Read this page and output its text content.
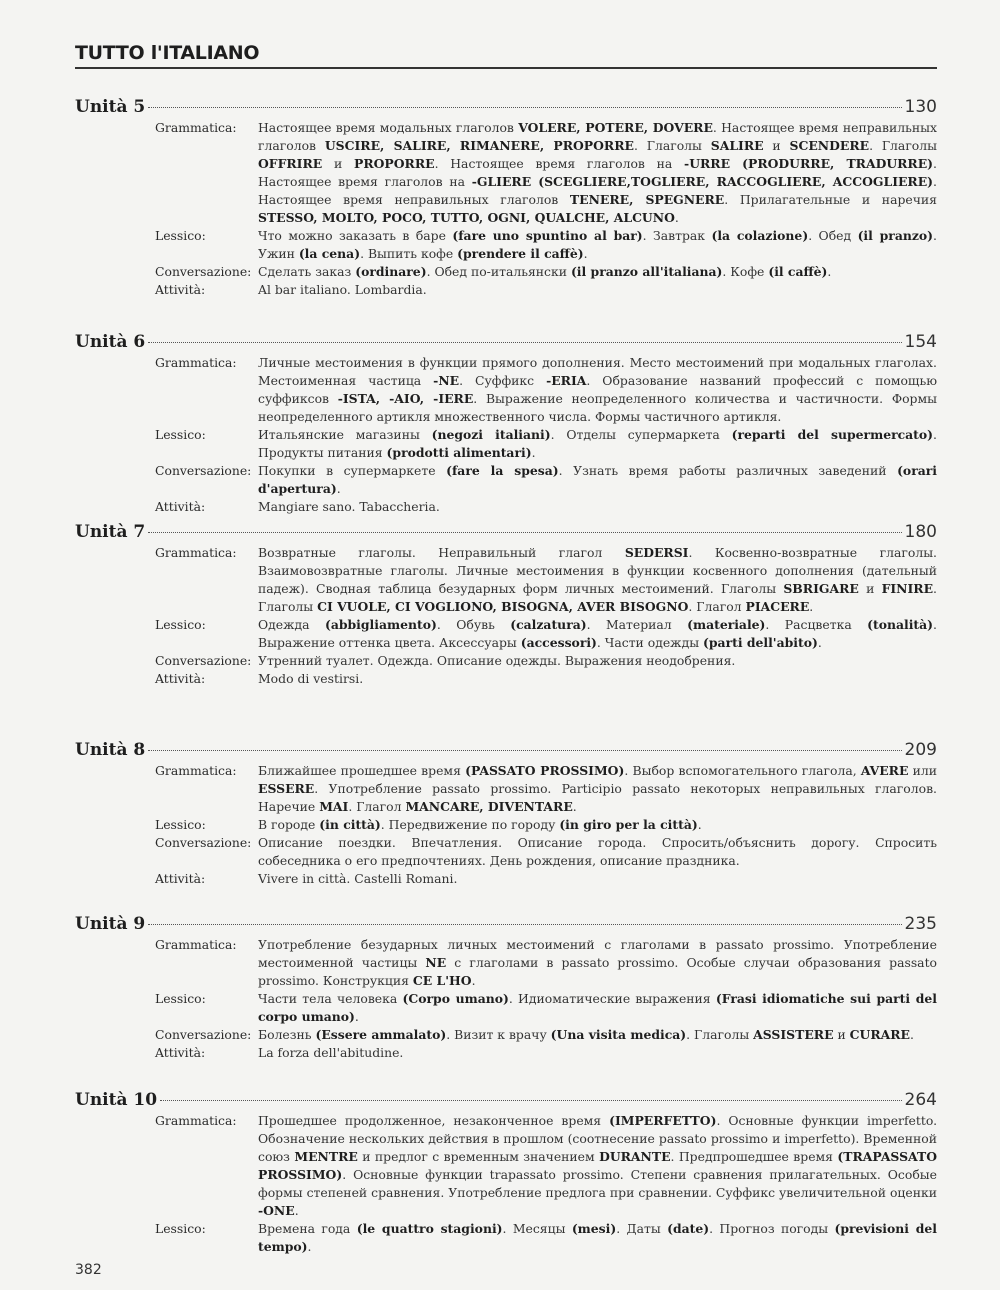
TUTTO l'ITALIANO
Unità 5	130
Grammatica:	Настоящее время модальных глаголов VOLERE, POTERE, DOVERE. Настоящее время неправильных глаголов USCIRE, SALIRE, RIMANERE, PROPORRE. Глаголы SALIRE и SCENDERE. Глаголы OFFRIRE и PROPORRE. Настоящее время глаголов на -URRE (PRODURRE, TRADURRE). Настоящее время глаголов на -GLIERE (SCEGLIERE,TOGLIERE, RACCOGLIERE, ACCOGLIERE). Настоящее время неправильных глаголов TENERE, SPEGNERE. Прилагательные и наречия STESSO, MOLTO, POCO, TUTTO, OGNI, QUALCHE, ALCUNO.
Lessico:	Что можно заказать в баре (fare uno spuntino al bar). Завтрак (la colazione). Обед (il pranzo). Ужин (la cena). Выпить кофе (prendere il caffè).
Conversazione: Сделать заказ (ordinare). Обед по-итальянски (il pranzo all'italiana). Кофе (il caffè).
Attività:	Al bar italiano. Lombardia.
Unità 6	154
Grammatica:	Личные местоимения в функции прямого дополнения. Место местоимений при модальных глаголах. Местоименная частица -NE. Суффикс -ERIA. Образование названий профессий с помощью суффиксов -ISTA, -AIO, -IERE. Выражение неопределенного количества и частичности. Формы неопределенного артикля множественного числа. Формы частичного артикля.
Lessico:	Итальянские магазины (negozi italiani). Отделы супермаркета (reparti del supermercato). Продукты питания (prodotti alimentari).
Conversazione: Покупки в супермаркете (fare la spesa). Узнать время работы различных заведений (orari d'apertura).
Attività:	Mangiare sano. Tabaccheria.
Unità 7	180
Grammatica:	Возвратные глаголы. Неправильный глагол SEDERSI. Косвенно-возвратные глаголы. Взаимовозвратные глаголы. Личные местоимения в функции косвенного дополнения (дательный падеж). Сводная таблица безударных форм личных местоимений. Глаголы SBRIGARE и FINIRE. Глаголы CI VUOLE, CI VOGLIONO, BISOGNA, AVER BISOGNO. Глагол PIACERE.
Lessico:	Одежда (abbigliamento). Обувь (calzatura). Материал (materiale). Расцветка (tonalità). Выражение оттенка цвета. Аксессуары (accessori). Части одежды (parti dell'abito).
Conversazione: Утренний туалет. Одежда. Описание одежды. Выражения неодобрения.
Attività:	Modo di vestirsi.
Unità 8	209
Grammatica:	Ближайшее прошедшее время (PASSATO PROSSIMO). Выбор вспомогательного глагола, AVERE или ESSERE. Употребление passato prossimo. Participio passato некоторых неправильных глаголов. Наречие MAI. Глагол MANCARE, DIVENTARE.
Lessico:	В городе (in città). Передвижение по городу (in giro per la città).
Conversazione: Описание поездки. Впечатления. Описание города. Спросить/объяснить дорогу. Спросить собеседника о его предпочтениях. День рождения, описание праздника.
Attività:	Vivere in città. Castelli Romani.
Unità 9	235
Grammatica:	Употребление безударных личных местоимений с глаголами в passato prossimo. Употребление местоименной частицы NE с глаголами в passato prossimo. Особые случаи образования passato prossimo. Конструкция CE L'HO.
Lessico:	Части тела человека (Corpo umano). Идиоматические выражения (Frasi idiomatiche sui parti del corpo umano).
Conversazione: Болезнь (Essere ammalato). Визит к врачу (Una visita medica). Глаголы ASSISTERE и CURARE.
Attività:	La forza dell'abitudine.
Unità 10	264
Grammatica:	Прошедшее продолженное, незаконченное время (IMPERFETTO). Основные функции imperfetto. Обозначение нескольких действия в прошлом (соотнесение passato prossimo и imperfetto). Временной союз MENTRE и предлог с временным значением DURANTE. Предпрошедшее время (TRAPASSATO PROSSIMO). Основные функции trapassato prossimo. Степени сравнения прилагательных. Особые формы степеней сравнения. Употребление предлога при сравнении. Суффикс увеличительной оценки -ONE.
Lessico:	Времена года (le quattro stagioni). Месяцы (mesi). Даты (date). Прогноз погоды (previsioni del tempo).
382
